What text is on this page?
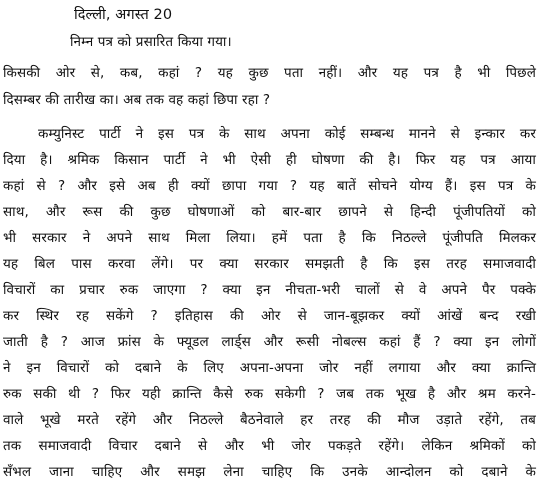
दिल्ली, अगस्त 20
निम्न पत्र को प्रसारित किया गया।
किसकी ओर से, कब, कहां ? यह कुछ पता नहीं। और यह पत्र है भी पिछले
दिसम्बर की तारीख का। अब तक वह कहां छिपा रहा ?
कम्युनिस्ट पार्टी ने इस पत्र के साथ अपना कोई सम्बन्ध मानने से इन्कार कर
दिया है। श्रमिक किसान पार्टी ने भी ऐसी ही घोषणा की है। फिर यह पत्र आया
कहां से ? और इसे अब ही क्यों छापा गया ? यह बातें सोचने योग्य हैं। इस पत्र के
साथ, और रूस की कुछ घोषणाओं को बार-बार छापने से हिन्दी पूंजीपतियों को
भी सरकार ने अपने साथ मिला लिया। हमें पता है कि निठल्ले पूंजीपति मिलकर
यह बिल पास करवा लेंगे। पर क्या सरकार समझती है कि इस तरह समाजवादी
विचारों का प्रचार रुक जाएगा ? क्या इन नीचता-भरी चालों से वे अपने पैर पक्के
कर स्थिर रह सकेंगे ? इतिहास की ओर से जान-बूझकर क्यों आंखें बन्द रखी
जाती है ? आज फ्रांस के फ्यूडल लार्ड्स और रूसी नोबल्स कहां हैं ? क्या इन लोगों
ने इन विचारों को दबाने के लिए अपना-अपना जोर नहीं लगाया और क्या क्रान्ति
रुक सकी थी ? फिर यही क्रान्ति कैसे रुक सकेगी ? जब तक भूख है और श्रम करने-
वाले भूखे मरते रहेंगे और निठल्ले बैठनेवाले हर तरह की मौज उड़ाते रहेंगे, तब
तक समाजवादी विचार दबाने से और भी जोर पकड़ते रहेंगे। लेकिन श्रमिकों को
सँभल जाना चाहिए और समझ लेना चाहिए कि उनके आन्दोलन को दबाने के
